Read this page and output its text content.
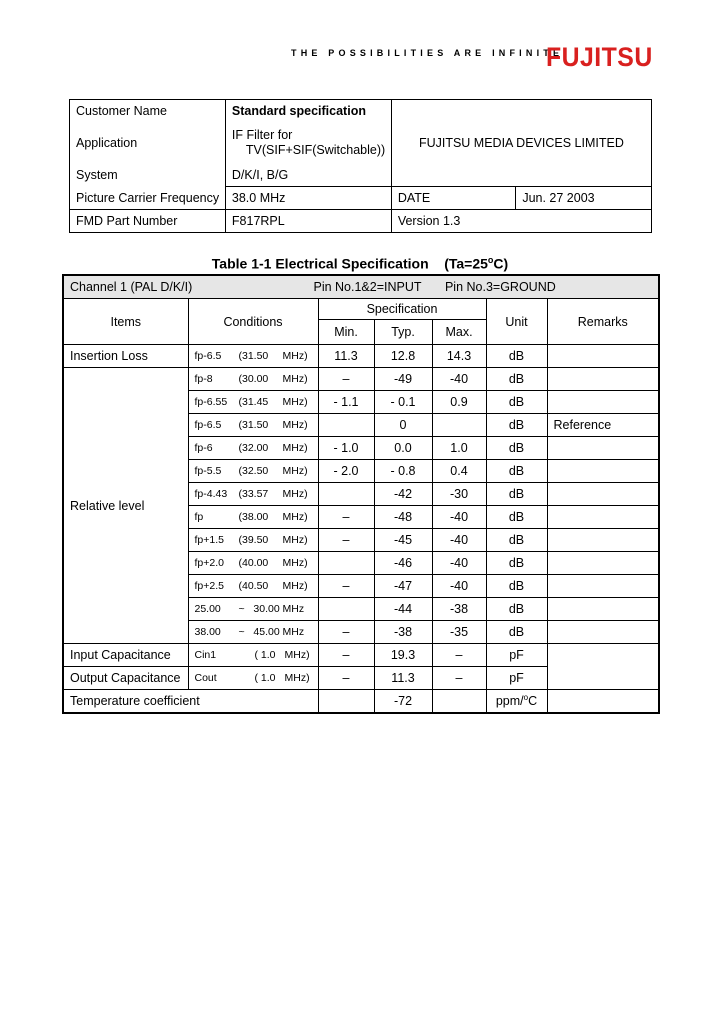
THE POSSIBILITIES ARE INFINITE
FUJITSU
Customer Name	Standard specification	FUJITSU MEDIA DEVICES LIMITED	
Application	IF Filter for
TV(SIF+SIF(Switchable))		

System	D/K/I, B/G		
Picture Carrier Frequency	38.0 MHz	DATE	Jun. 27 2003
FMD Part Number	F817RPL	Version 1.3	
Table 1-1 Electrical Specification $(Ta=25^oC)$
Channel 1 (PAL D/K/I) Pin No.1&2=INPUT Pin No.3=GROUND						
Items	Conditions	Specification			Unit	Remarks
		Min.	Typ.	Max.		
Insertion Loss	fp-6.5 (31.50 MHz)	11.3	12.8	14.3	dB	
Relative level	fp-8 (30.00 MHz)	–	-49	-40	dB	
	fp-6.55 (31.45 MHz)	- 1.1	- 0.1	0.9	dB	
	fp-6.5 (31.50 MHz)		0		dB	Reference
	fp-6 (32.00 MHz)	- 1.0	0.0	1.0	dB	
	fp-5.5 (32.50 MHz)	- 2.0	- 0.8	0.4	dB	
	fp-4.43 (33.57 MHz)		-42	-30	dB	
	fp (38.00 MHz)	–	-48	-40	dB	
	fp+1.5 (39.50 MHz)	–	-45	-40	dB	
	fp+2.0 (40.00 MHz)		-46	-40	dB	
	fp+2.5 (40.50 MHz)	–	-47	-40	dB	
	25.00 ~   30.00 MHz		-44	-38	dB	
	38.00 ~   45.00 MHz	–	-38	-35	dB	
Input Capacitance	Cin1 ( 1.0 MHz)	–	19.3	–	pF	
Output Capacitance	Cout ( 1.0 MHz)	–	11.3	–	pF	
Temperature coefficient			-72		ppm/$^o$C	
